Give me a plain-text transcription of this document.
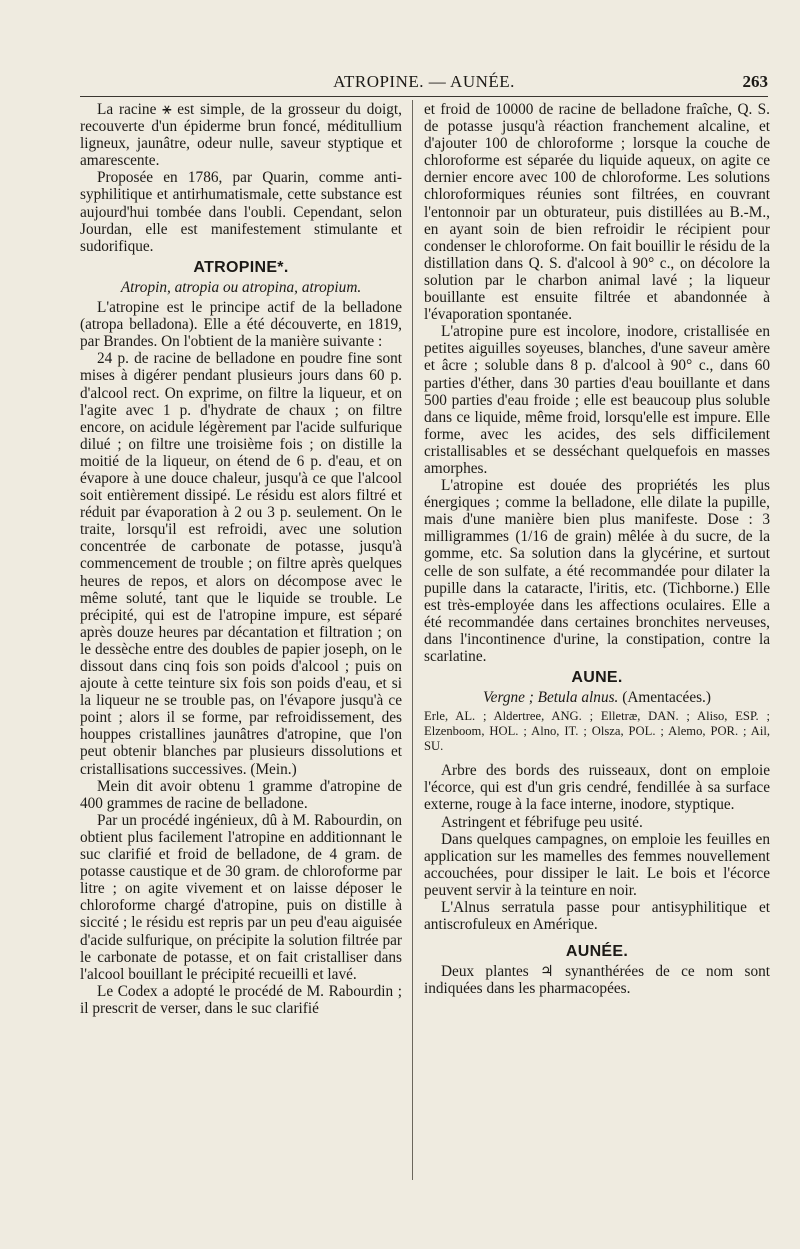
ATROPINE. — AUNÉE.	263

La racine ⚹ est simple, de la grosseur du doigt, recouverte d'un épiderme brun foncé, méditullium ligneux, jaunâtre, odeur nulle, saveur styptique et amarescente.

Proposée en 1786, par Quarin, comme anti-syphilitique et antirhumatismale, cette substance est aujourd'hui tombée dans l'oubli. Cependant, selon Jourdan, elle est manifestement stimulante et sudorifique.

ATROPINE*.

Atropin, atropia ou atropina, atropium.

L'atropine est le principe actif de la belladone (atropa belladona). Elle a été découverte, en 1819, par Brandes. On l'obtient de la manière suivante :

24 p. de racine de belladone en poudre fine sont mises à digérer pendant plusieurs jours dans 60 p. d'alcool rect. On exprime, on filtre la liqueur, et on l'agite avec 1 p. d'hydrate de chaux ; on filtre encore, on acidule légèrement par l'acide sulfurique dilué ; on filtre une troisième fois ; on distille la moitié de la liqueur, on étend de 6 p. d'eau, et on évapore à une douce chaleur, jusqu'à ce que l'alcool soit entièrement dissipé. Le résidu est alors filtré et réduit par évaporation à 2 ou 3 p. seulement. On le traite, lorsqu'il est refroidi, avec une solution concentrée de carbonate de potasse, jusqu'à commencement de trouble ; on filtre après quelques heures de repos, et alors on décompose avec le même soluté, tant que le liquide se trouble. Le précipité, qui est de l'atropine impure, est séparé après douze heures par décantation et filtration ; on le dessèche entre des doubles de papier joseph, on le dissout dans cinq fois son poids d'alcool ; puis on ajoute à cette teinture six fois son poids d'eau, et si la liqueur ne se trouble pas, on l'évapore jusqu'à ce point ; alors il se forme, par refroidissement, des houppes cristallines jaunâtres d'atropine, que l'on peut obtenir blanches par plusieurs dissolutions et cristallisations successives. (Mein.)

Mein dit avoir obtenu 1 gramme d'atropine de 400 grammes de racine de belladone.

Par un procédé ingénieux, dû à M. Rabourdin, on obtient plus facilement l'atropine en additionnant le suc clarifié et froid de belladone, de 4 gram. de potasse caustique et de 30 gram. de chloroforme par litre ; on agite vivement et on laisse déposer le chloroforme chargé d'atropine, puis on distille à siccité ; le résidu est repris par un peu d'eau aiguisée d'acide sulfurique, on précipite la solution filtrée par le carbonate de potasse, et on fait cristalliser dans l'alcool bouillant le précipité recueilli et lavé.

Le Codex a adopté le procédé de M. Rabourdin ; il prescrit de verser, dans le suc clarifié

et froid de 10000 de racine de belladone fraîche, Q. S. de potasse jusqu'à réaction franchement alcaline, et d'ajouter 100 de chloroforme ; lorsque la couche de chloroforme est séparée du liquide aqueux, on agite ce dernier encore avec 100 de chloroforme. Les solutions chloroformiques réunies sont filtrées, en couvrant l'entonnoir par un obturateur, puis distillées au B.-M., en ayant soin de bien refroidir le récipient pour condenser le chloroforme. On fait bouillir le résidu de la distillation dans Q. S. d'alcool à 90° c., on décolore la solution par le charbon animal lavé ; la liqueur bouillante est ensuite filtrée et abandonnée à l'évaporation spontanée.

L'atropine pure est incolore, inodore, cristallisée en petites aiguilles soyeuses, blanches, d'une saveur amère et âcre ; soluble dans 8 p. d'alcool à 90° c., dans 60 parties d'éther, dans 30 parties d'eau bouillante et dans 500 parties d'eau froide ; elle est beaucoup plus soluble dans ce liquide, même froid, lorsqu'elle est impure. Elle forme, avec les acides, des sels difficilement cristallisables et se desséchant quelquefois en masses amorphes.

L'atropine est douée des propriétés les plus énergiques ; comme la belladone, elle dilate la pupille, mais d'une manière bien plus manifeste. Dose : 3 milligrammes (1/16 de grain) mêlée à du sucre, de la gomme, etc. Sa solution dans la glycérine, et surtout celle de son sulfate, a été recommandée pour dilater la pupille dans la cataracte, l'iritis, etc. (Tichborne.) Elle est très-employée dans les affections oculaires. Elle a été recommandée dans certaines bronchites nerveuses, dans l'incontinence d'urine, la constipation, contre la scarlatine.

AUNE.

Vergne ; Betula alnus. (Amentacées.)

Erle, AL. ; Aldertree, ANG. ; Elletræ, DAN. ; Aliso, ESP. ; Elzenboom, HOL. ; Alno, IT. ; Olsza, POL. ; Alemo, POR. ; Ail, SU.

Arbre des bords des ruisseaux, dont on emploie l'écorce, qui est d'un gris cendré, fendillée à sa surface externe, rouge à la face interne, inodore, styptique.

Astringent et fébrifuge peu usité.

Dans quelques campagnes, on emploie les feuilles en application sur les mamelles des femmes nouvellement accouchées, pour dissiper le lait. Le bois et l'écorce peuvent servir à la teinture en noir.

L'Alnus serratula passe pour antisyphilitique et antiscrofuleux en Amérique.

AUNÉE.

Deux plantes ♃ synanthérées de ce nom sont indiquées dans les pharmacopées.
